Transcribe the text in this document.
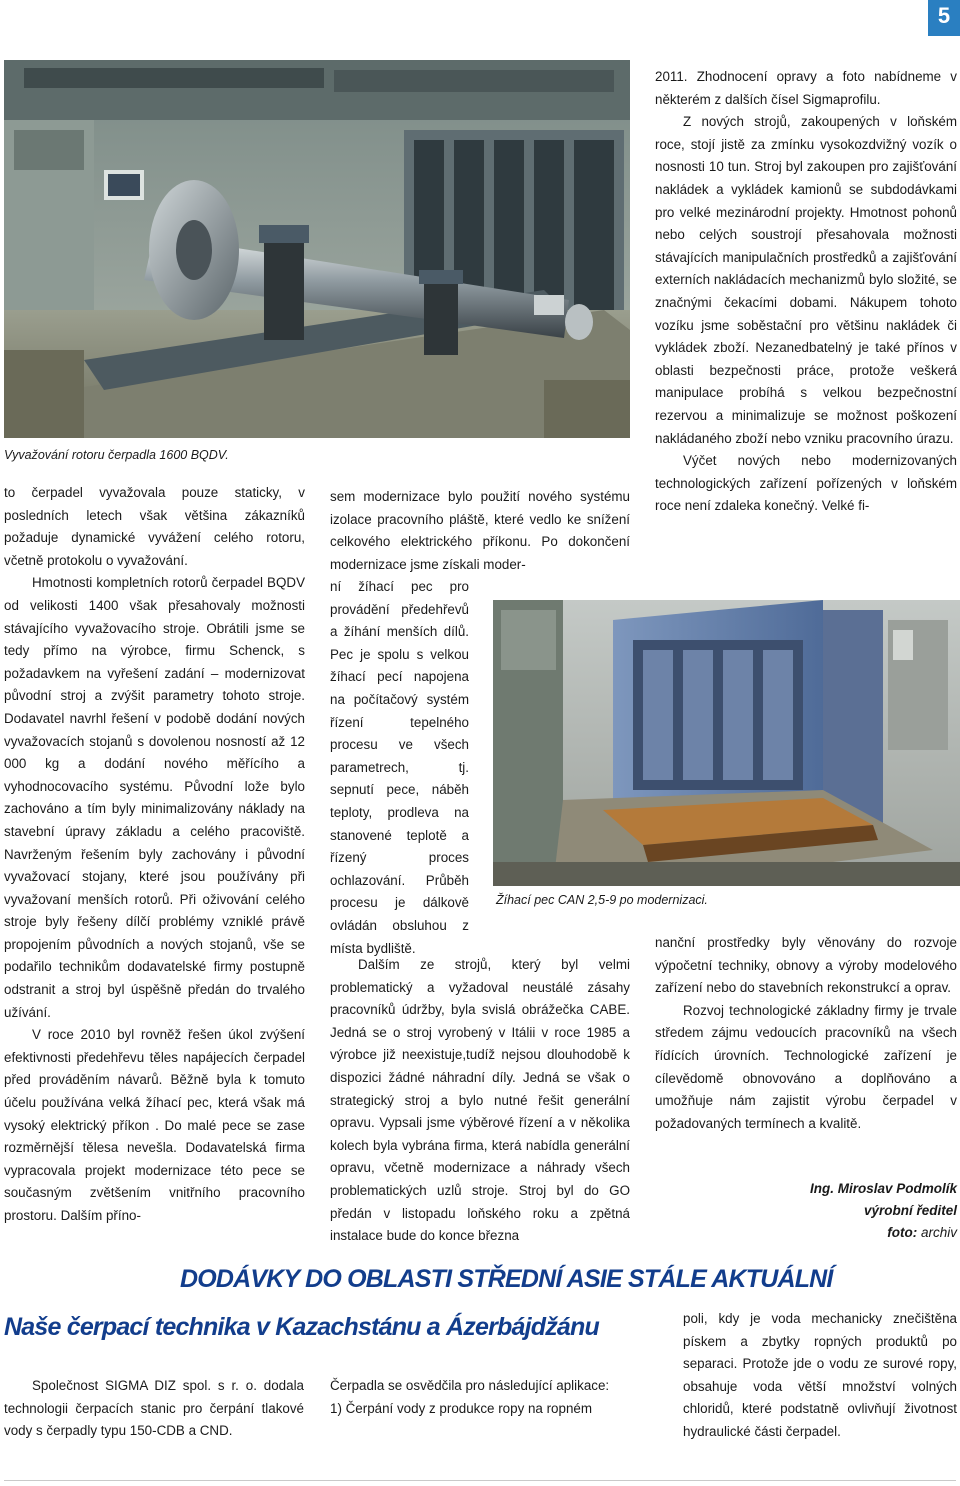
5
Vyvažování rotoru čerpadla 1600 BQDV.

to čerpadel vyvažovala pouze staticky, v posledních letech však většina zákazníků požaduje dynamické vyvážení celého rotoru, včetně protokolu o vyvažování.

Hmotnosti kompletních rotorů čerpadel BQDV od velikosti 1400 však přesahovaly možnosti stávajícího vyvažovacího stroje. Obrátili jsme se tedy přímo na výrobce, firmu Schenck, s požadavkem na vyřešení zadání – modernizovat původní stroj a zvýšit parametry tohoto stroje. Dodavatel navrhl řešení v podobě dodání nových vyvažovacích stojanů s dovolenou nosností až 12 000 kg a dodání nového měřícího a vyhodnocovacího systému. Původní lože bylo zachováno a tím byly minimalizovány náklady na stavební úpravy základu a celého pracoviště. Navrženým řešením byly zachovány i původní vyvažovací stojany, které jsou používány při vyvažovaní menších rotorů. Při oživování celého stroje byly řešeny dílčí problémy vzniklé právě propojením původních a nových stojanů, vše se podařilo technikům dodavatelské firmy postupně odstranit a stroj byl úspěšně předán do trvalého užívání.

V roce 2010 byl rovněž řešen úkol zvýšení efektivnosti předehřevu těles napájecích čerpadel před prováděním návarů. Běžně byla k tomuto účelu používána velká žíhací pec, která však má vysoký elektrický příkon . Do malé pece se zase rozměrnější tělesa nevešla. Dodavatelská firma vypracovala projekt modernizace této pece se současným zvětšením vnitřního pracovního prostoru. Dalším příno-

sem modernizace bylo použití nového systému izolace pracovního pláště, které vedlo ke snížení celkového elektrického příkonu. Po dokončení modernizace jsme získali moder-

ní žíhací pec pro provádění předehřevů a žíhání menších dílů. Pec je spolu s velkou žíhací pecí napojena na počítačový systém řízení tepelného procesu ve všech parametrech, tj. sepnutí pece, náběh teploty, prodleva na stanovené teplotě a řízený proces ochlazování. Průběh procesu je dálkově ovládán obsluhou z místa bydliště.

Žíhací pec CAN 2,5-9 po modernizaci.

Dalším ze strojů, který byl velmi problematický a vyžadoval neustálé zásahy pracovníků údržby, byla svislá obrážečka CABE. Jedná se o stroj vyrobený v Itálii v roce 1985 a výrobce již neexistuje,tudíž nejsou dlouhodobě k dispozici žádné náhradní díly. Jedná se však o strategický stroj a bylo nutné řešit generální opravu. Vypsali jsme výběrové řízení a v několika kolech byla vybrána firma, která nabídla generální opravu, včetně modernizace a náhrady všech problematických uzlů stroje. Stroj byl do GO předán v listopadu loňského roku a zpětná instalace bude do konce března

2011. Zhodnocení opravy a foto nabídneme v některém z dalších čísel Sigmaprofilu.

Z nových strojů, zakoupených v loňském roce, stojí jistě za zmínku vysokozdvižný vozík o nosnosti 10 tun. Stroj byl zakoupen pro zajišťování nakládek a vykládek kamionů se subdodávkami pro velké mezinárodní projekty. Hmotnost pohonů nebo celých soustrojí přesahovala možnosti stávajících manipulačních prostředků a zajišťování externích nakládacích mechanizmů bylo složité, se značnými čekacími dobami. Nákupem tohoto vozíku jsme soběstační pro většinu nakládek či vykládek zboží. Nezanedbatelný je také přínos v oblasti bezpečnosti práce, protože veškerá manipulace probíhá s velkou bezpečnostní rezervou a minimalizuje se možnost poškození nakládaného zboží nebo vzniku pracovního úrazu.

Výčet nových nebo modernizovaných technologických zařízení pořízených v loňském roce není zdaleka konečný. Velké fi-

nanční prostředky byly věnovány do rozvoje výpočetní techniky, obnovy a výroby modelového zařízení nebo do stavebních rekonstrukcí a oprav.

Rozvoj technologické základny firmy je trvale středem zájmu vedoucích pracovníků na všech řídících úrovních. Technologické zařízení je cílevědomě obnovováno a doplňováno a umožňuje nám zajistit výrobu čerpadel v požadovaných termínech a kvalitě.

Ing. Miroslav Podmolík
výrobní ředitel
foto: archiv
DODÁVKY DO OBLASTI STŘEDNÍ ASIE STÁLE AKTUÁLNÍ
Naše čerpací technika v Kazachstánu a Ázerbájdžánu

Společnost SIGMA DIZ spol. s r. o. dodala technologii čerpacích stanic pro čerpání tlakové vody s čerpadly typu 150-CDB a CND.

Čerpadla se osvědčila pro následující aplikace:

1) Čerpání vody z produkce ropy na ropném

poli, kdy je voda mechanicky znečištěna pískem a zbytky ropných produktů po separaci. Protože jde o vodu ze surové ropy, obsahuje voda větší množství volných chloridů, které podstatně ovlivňují životnost hydraulické části čerpadel.
